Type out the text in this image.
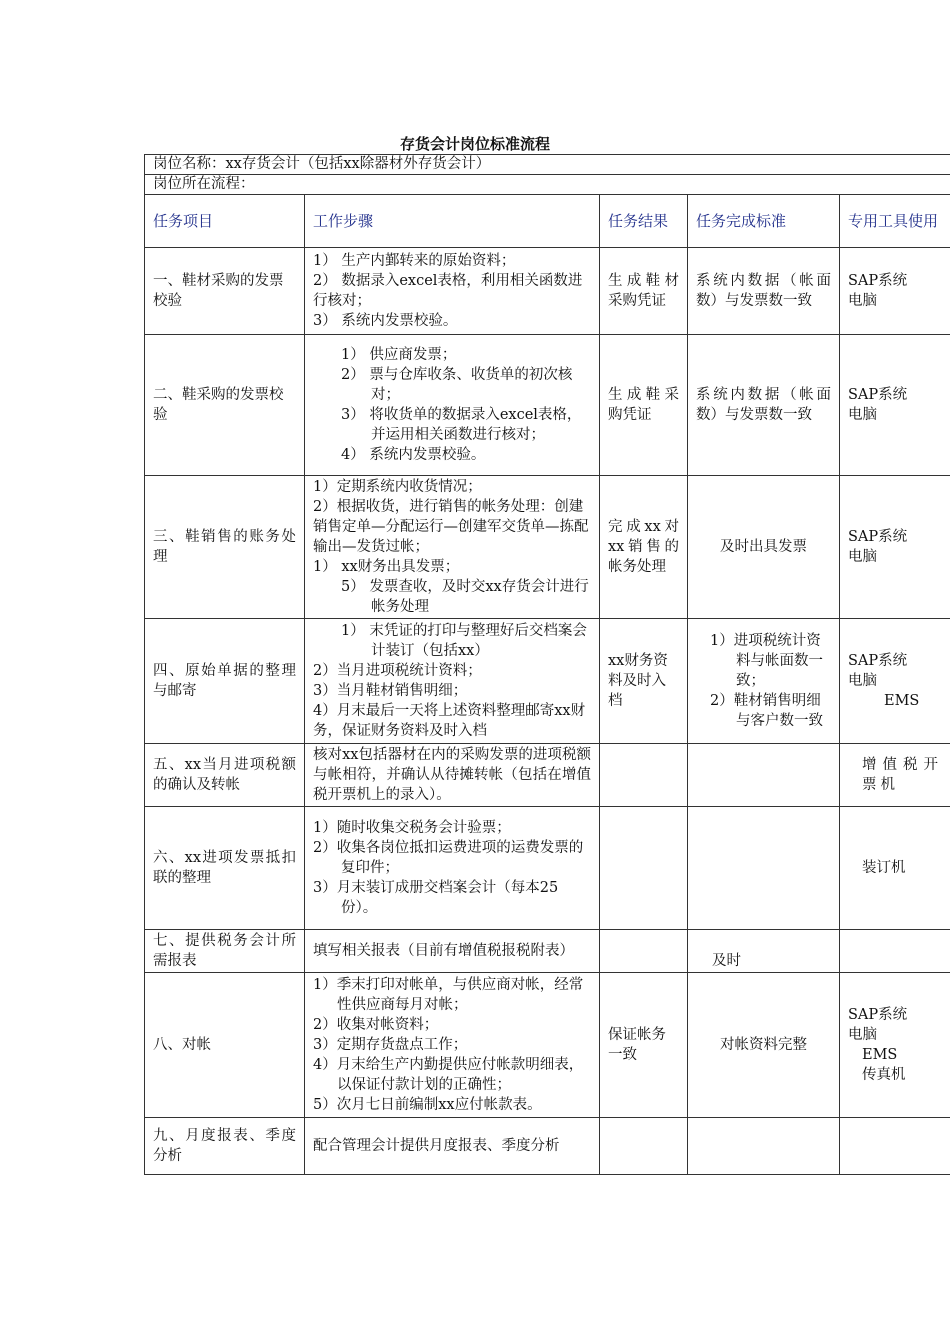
存货会计岗位标准流程
岗位名称：xx存货会计（包括xx除器材外存货会计）				
岗位所在流程：				
任务项目	工作步骤	任务结果	任务完成标准	专用工具使用
一、鞋材采购的发票校验	1） 生产内鄞转来的原始资料；
2） 数据录入excel表格，利用相关函数进行核对；
3） 系统内发票校验。	生成鞋材采购凭证	系统内数据（帐面数）与发票数一致	SAP系统
电脑

二、鞋采购的发票校验	1） 供应商发票；
2） 票与仓库收条、收货单的初次核对；
3） 将收货单的数据录入excel表格，并运用相关函数进行核对；
4） 系统内发票校验。	生成鞋采购凭证	系统内数据（帐面数）与发票数一致	SAP系统
电脑

三、鞋销售的账务处理	1）定期系统内收货情况；
2）根据收货，进行销售的帐务处理：创建销售定单—分配运行—创建军交货单—拣配输出—发货过帐；
1） xx财务出具发票；
5） 发票查收，及时交xx存货会计进行帐务处理	完成xx对xx销售的帐务处理	及时出具发票	SAP系统
电脑

四、原始单据的整理与邮寄	1） 末凭证的打印与整理好后交档案会计装订（包括xx）
2）当月进项税统计资料；
3）当月鞋材销售明细；
4）月末最后一天将上述资料整理邮寄xx财务，保证财务资料及时入档	xx财务资料及时入档	1）进项税统计资料与帐面数一致；
2）鞋材销售明细与客户数一致	SAP系统
电脑
EMS

五、xx当月进项税额的确认及转帐	核对xx包括器材在内的采购发票的进项税额与帐相符，并确认从待摊转帐（包括在增值税开票机上的录入）。			增值税开票机

六、xx进项发票抵扣联的整理	1）随时收集交税务会计验票；
2）收集各岗位抵扣运费进项的运费发票的复印件；
3）月末装订成册交档案会计（每本25份）。			装订机

七、提供税务会计所需报表	填写相关报表（目前有增值税报税附表）		及时	

八、对帐	1）季末打印对帐单，与供应商对帐，经常性供应商每月对帐；
2）收集对帐资料；
3）定期存货盘点工作；
4）月末给生产内勤提供应付帐款明细表，以保证付款计划的正确性；
5）次月七日前编制xx应付帐款表。	保证帐务一致	对帐资料完整	SAP系统
电脑
EMS
传真机

九、月度报表、季度分析	配合管理会计提供月度报表、季度分析			
